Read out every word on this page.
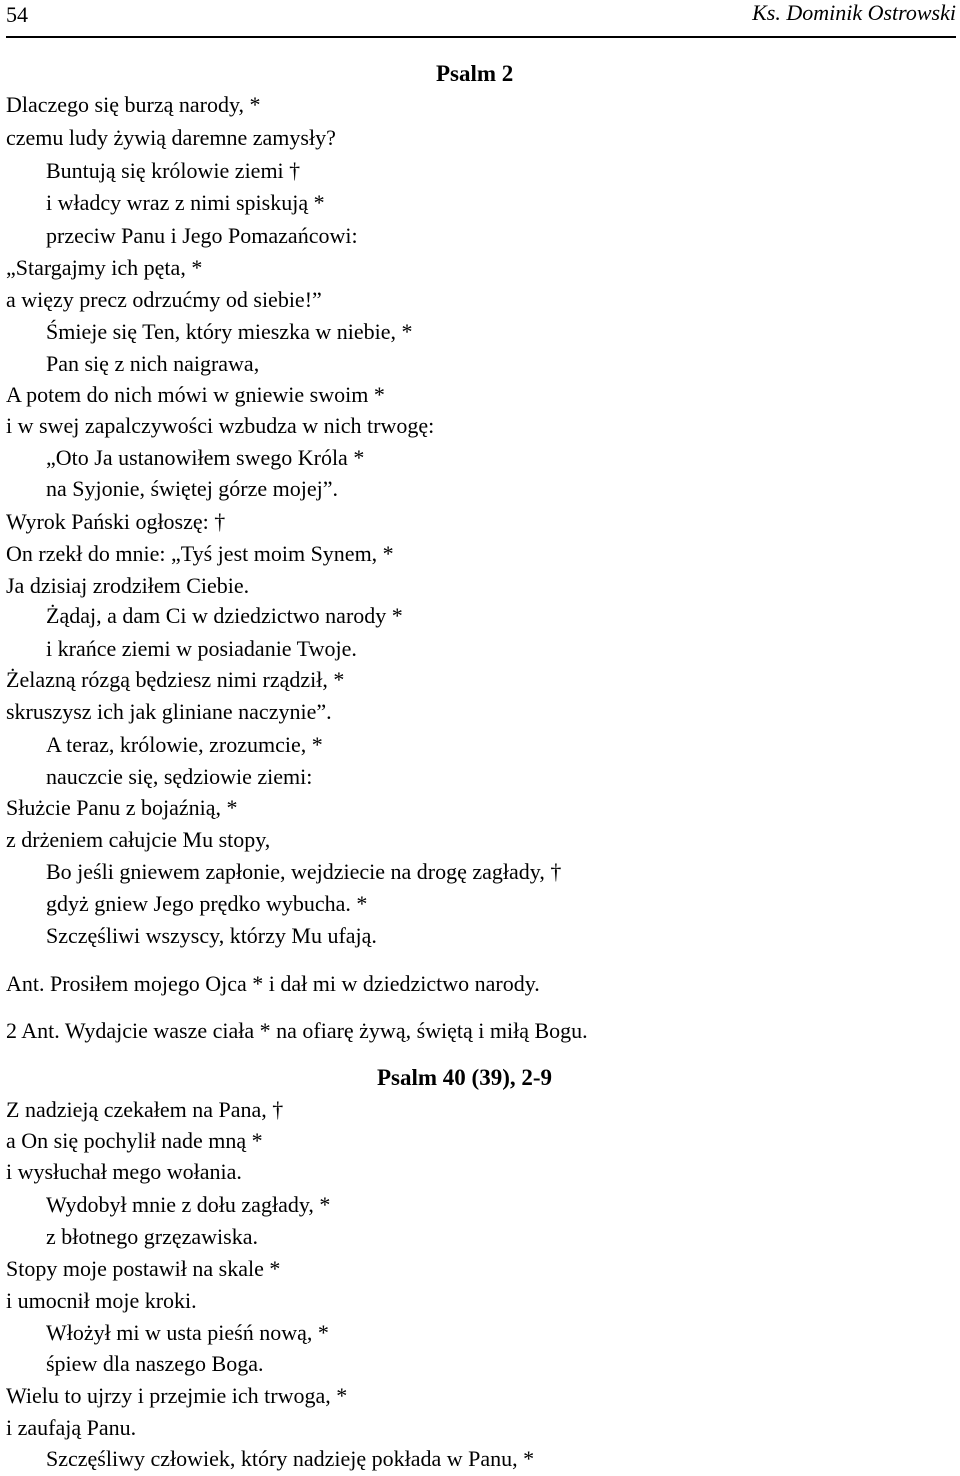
54	Ks. Dominik Ostrowski
Psalm 2
Dlaczego się burzą narody, *
czemu ludy żywią daremne zamysły?
Buntują się królowie ziemi †
i władcy wraz z nimi spiskują *
przeciw Panu i Jego Pomazańcowi:
„Stargajmy ich pęta, *
a więzy precz odrzućmy od siebie!”
Śmieje się Ten, który mieszka w niebie, *
Pan się z nich naigrawa,
A potem do nich mówi w gniewie swoim *
i w swej zapalczywości wzbudza w nich trwogę:
„Oto Ja ustanowiłem swego Króla *
na Syjonie, świętej górze mojej”.
Wyrok Pański ogłoszę: †
On rzekł do mnie: „Tyś jest moim Synem, *
Ja dzisiaj zrodziłem Ciebie.
Żądaj, a dam Ci w dziedzictwo narody *
i krańce ziemi w posiadanie Twoje.
Żelazną rózgą będziesz nimi rządził, *
skruszysz ich jak gliniane naczynie”.
A teraz, królowie, zrozumcie, *
nauczcie się, sędziowie ziemi:
Służcie Panu z bojaźnią, *
z drżeniem całujcie Mu stopy,
Bo jeśli gniewem zapłonie, wejdziecie na drogę zagłady, †
gdyż gniew Jego prędko wybucha. *
Szczęśliwi wszyscy, którzy Mu ufają.
Ant. Prosiłem mojego Ojca * i dał mi w dziedzictwo narody.
2 Ant. Wydajcie wasze ciała * na ofiarę żywą, świętą i miłą Bogu.
Psalm 40 (39), 2-9
Z nadzieją czekałem na Pana, †
a On się pochylił nade mną *
i wysłuchał mego wołania.
Wydobył mnie z dołu zagłady, *
z błotnego grzęzawiska.
Stopy moje postawił na skale *
i umocnił moje kroki.
Włożył mi w usta pieśń nową, *
śpiew dla naszego Boga.
Wielu to ujrzy i przejmie ich trwoga, *
i zaufają Panu.
Szczęśliwy człowiek, który nadzieję pokłada w Panu, *
